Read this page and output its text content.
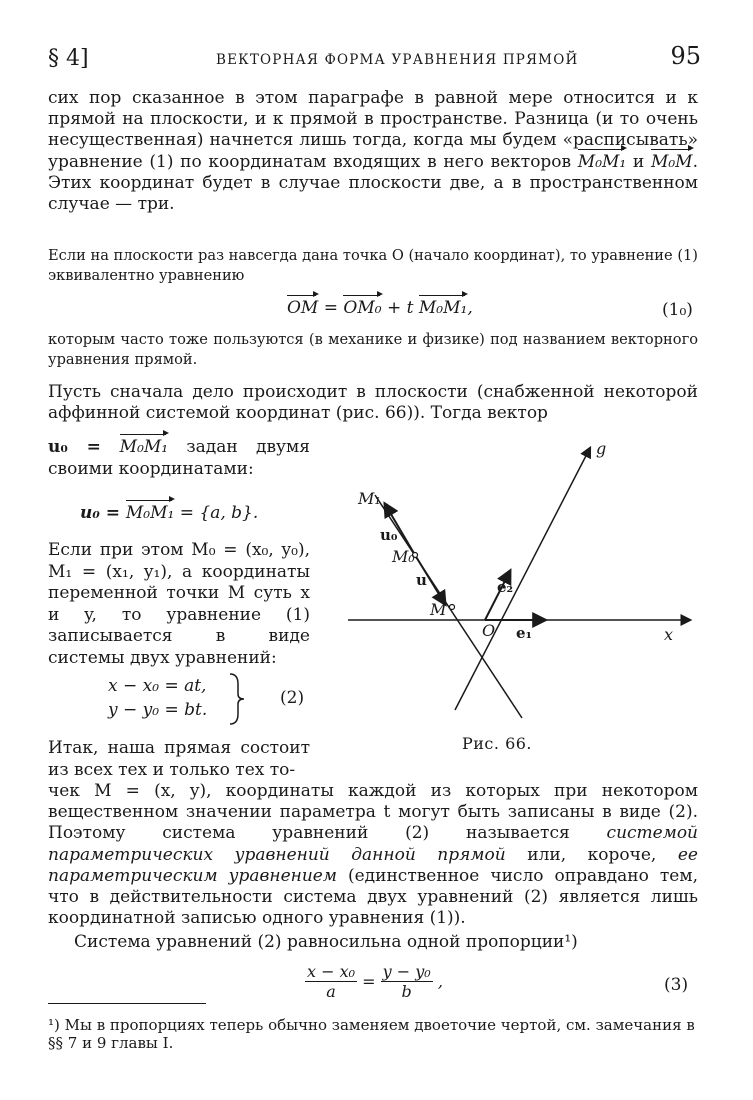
§ 4]	ВЕКТОРНАЯ ФОРМА УРАВНЕНИЯ ПРЯМОЙ	95

сих пор сказанное в этом параграфе в равной мере относится и к прямой на плоскости, и к прямой в пространстве. Разница (и то очень несущественная) начнется лишь тогда, когда мы будем «расписывать» уравнение (1) по координатам входящих в него векторов M₀M₁ и M₀M. Этих координат будет в случае плоскости две, а в пространственном случае — три.

Если на плоскости раз навсегда дана точка O (начало координат), то уравнение (1) эквивалентно уравнению

OM = OM₀ + t M₀M₁,	(1₀)

которым часто тоже пользуются (в механике и физике) под названием векторного уравнения прямой.

Пусть сначала дело происходит в плоскости (снабженной некоторой аффинной системой координат (рис. 66)). Тогда вектор

u₀ = M₀M₁ задан двумя своими координатами:
u₀ = M₀M₁ = {a, b}.

Если при этом M₀ = (x₀, y₀), M₁ = (x₁, y₁), а координаты переменной точки M суть x и y, то уравнение (1) записывается в виде системы двух уравнений:

x − x₀ = at,
y − y₀ = bt.
(2)

Итак, наша прямая состоит из всех тех и только тех то-

g
x
O
M₁
M₀
M
u₀
u
e₁
e₂
Рис. 66.

чек M = (x, y), координаты каждой из которых при некотором вещественном значении параметра t могут быть записаны в виде (2). Поэтому система уравнений (2) называется системой параметрических уравнений данной прямой или, короче, ее параметрическим уравнением (единственное число оправдано тем, что в действительности система двух уравнений (2) является лишь координатной записью одного уравнения (1)).

Система уравнений (2) равносильна одной пропорции¹)

$\frac{\text{x − x₀}}{a} = \frac{\text{y − y₀}}{b}$ ,	(3)

¹) Мы в пропорциях теперь обычно заменяем двоеточие чертой, см. замечания в §§ 7 и 9 главы I.
